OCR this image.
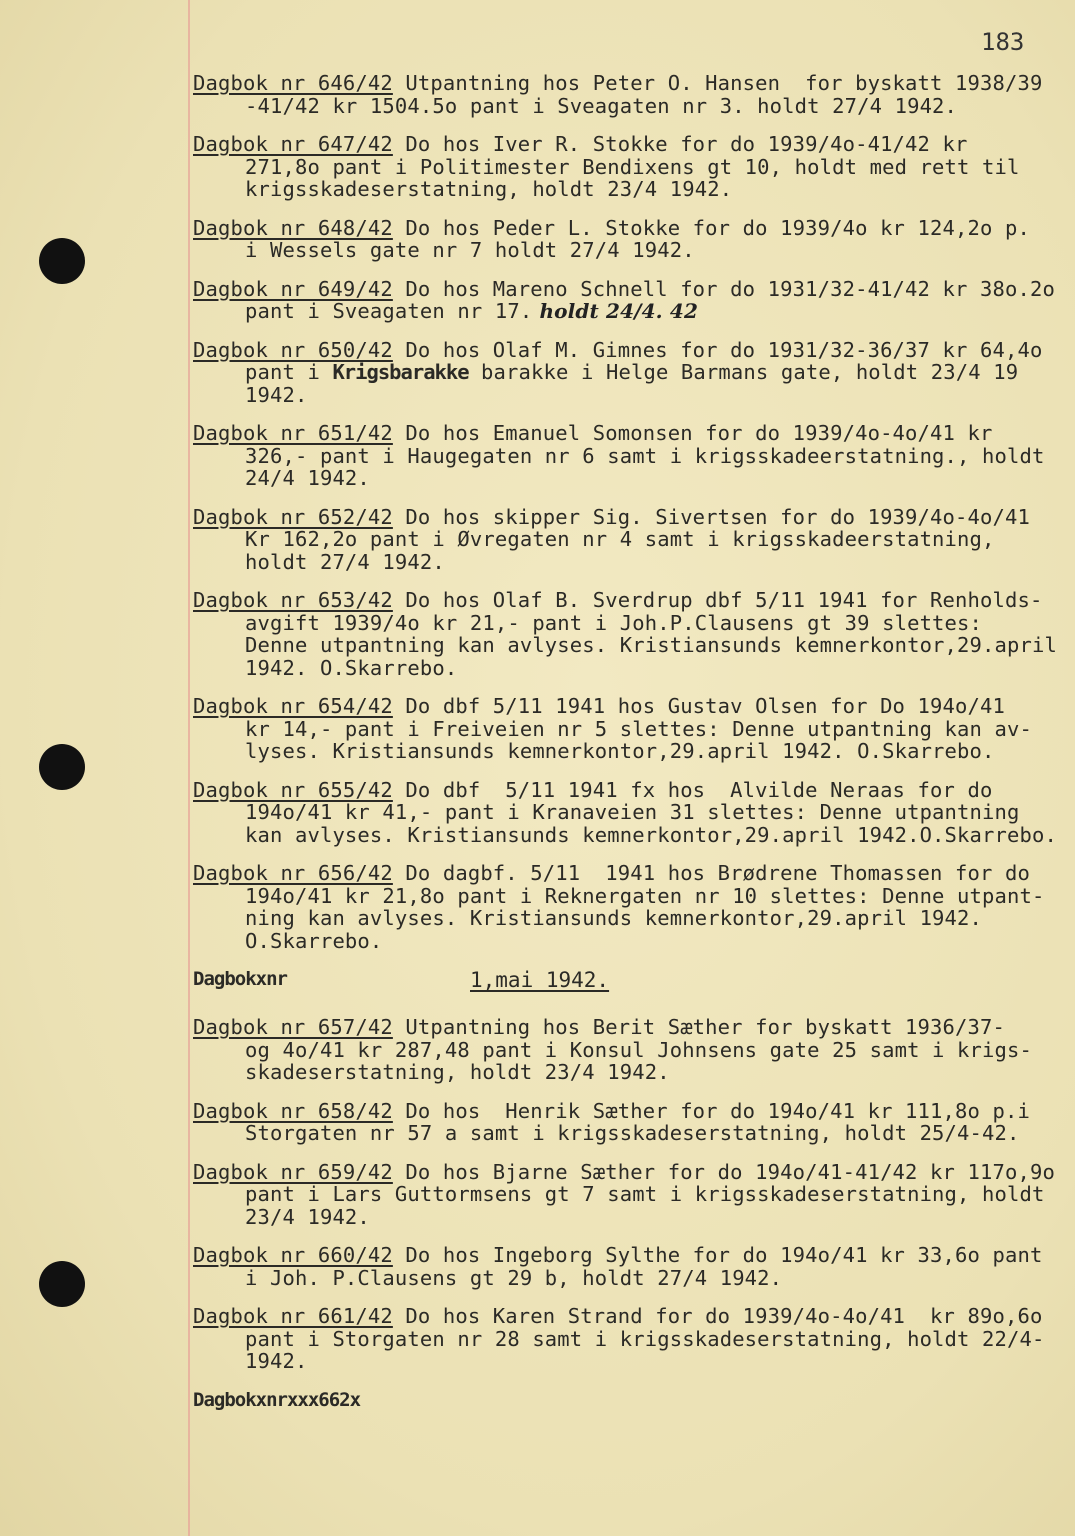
183
Dagbok nr 646/42 Utpantning hos Peter O. Hansen  for byskatt 1938/39
-41/42 kr 1504.5o pant i Sveagaten nr 3. holdt 27/4 1942.
Dagbok nr 647/42 Do hos Iver R. Stokke for do 1939/4o-41/42 kr
271,8o pant i Politimester Bendixens gt 10, holdt med rett til
krigsskadeserstatning, holdt 23/4 1942.
Dagbok nr 648/42 Do hos Peder L. Stokke for do 1939/4o kr 124,2o p.
i Wessels gate nr 7 holdt 27/4 1942.
Dagbok nr 649/42 Do hos Mareno Schnell for do 1931/32-41/42 kr 38o.2o
pant i Sveagaten nr 17. holdt 24/4. 42
Dagbok nr 650/42 Do hos Olaf M. Gimnes for do 1931/32-36/37 kr 64,4o
pant i Krigsbarakke barakke i Helge Barmans gate, holdt 23/4 19
1942.
Dagbok nr 651/42 Do hos Emanuel Somonsen for do 1939/4o-4o/41 kr
326,- pant i Haugegaten nr 6 samt i krigsskadeerstatning., holdt
24/4 1942.
Dagbok nr 652/42 Do hos skipper Sig. Sivertsen for do 1939/4o-4o/41
Kr 162,2o pant i Øvregaten nr 4 samt i krigsskadeerstatning,
holdt 27/4 1942.
Dagbok nr 653/42 Do hos Olaf B. Sverdrup dbf 5/11 1941 for Renholds-
avgift 1939/4o kr 21,- pant i Joh.P.Clausens gt 39 slettes:
Denne utpantning kan avlyses. Kristiansunds kemnerkontor,29.april
1942. O.Skarrebo.
Dagbok nr 654/42 Do dbf 5/11 1941 hos Gustav Olsen for Do 194o/41
kr 14,- pant i Freiveien nr 5 slettes: Denne utpantning kan av-
lyses. Kristiansunds kemnerkontor,29.april 1942. O.Skarrebo.
Dagbok nr 655/42 Do dbf  5/11 1941 fx hos  Alvilde Neraas for do
194o/41 kr 41,- pant i Kranaveien 31 slettes: Denne utpantning
kan avlyses. Kristiansunds kemnerkontor,29.april 1942.O.Skarrebo.
Dagbok nr 656/42 Do dagbf. 5/11  1941 hos Brødrene Thomassen for do
194o/41 kr 21,8o pant i Reknergaten nr 10 slettes: Denne utpant-
ning kan avlyses. Kristiansunds kemnerkontor,29.april 1942.
O.Skarrebo.
Dagbokxnr	1,mai 1942.
Dagbok nr 657/42 Utpantning hos Berit Sæther for byskatt 1936/37-
og 4o/41 kr 287,48 pant i Konsul Johnsens gate 25 samt i krigs-
skadeserstatning, holdt 23/4 1942.
Dagbok nr 658/42 Do hos  Henrik Sæther for do 194o/41 kr 111,8o p.i
Storgaten nr 57 a samt i krigsskadeserstatning, holdt 25/4-42.
Dagbok nr 659/42 Do hos Bjarne Sæther for do 194o/41-41/42 kr 117o,9o
pant i Lars Guttormsens gt 7 samt i krigsskadeserstatning, holdt
23/4 1942.
Dagbok nr 660/42 Do hos Ingeborg Sylthe for do 194o/41 kr 33,6o pant
i Joh. P.Clausens gt 29 b, holdt 27/4 1942.
Dagbok nr 661/42 Do hos Karen Strand for do 1939/4o-4o/41  kr 89o,6o
pant i Storgaten nr 28 samt i krigsskadeserstatning, holdt 22/4-
1942.
Dagbokxnrxxx662x
